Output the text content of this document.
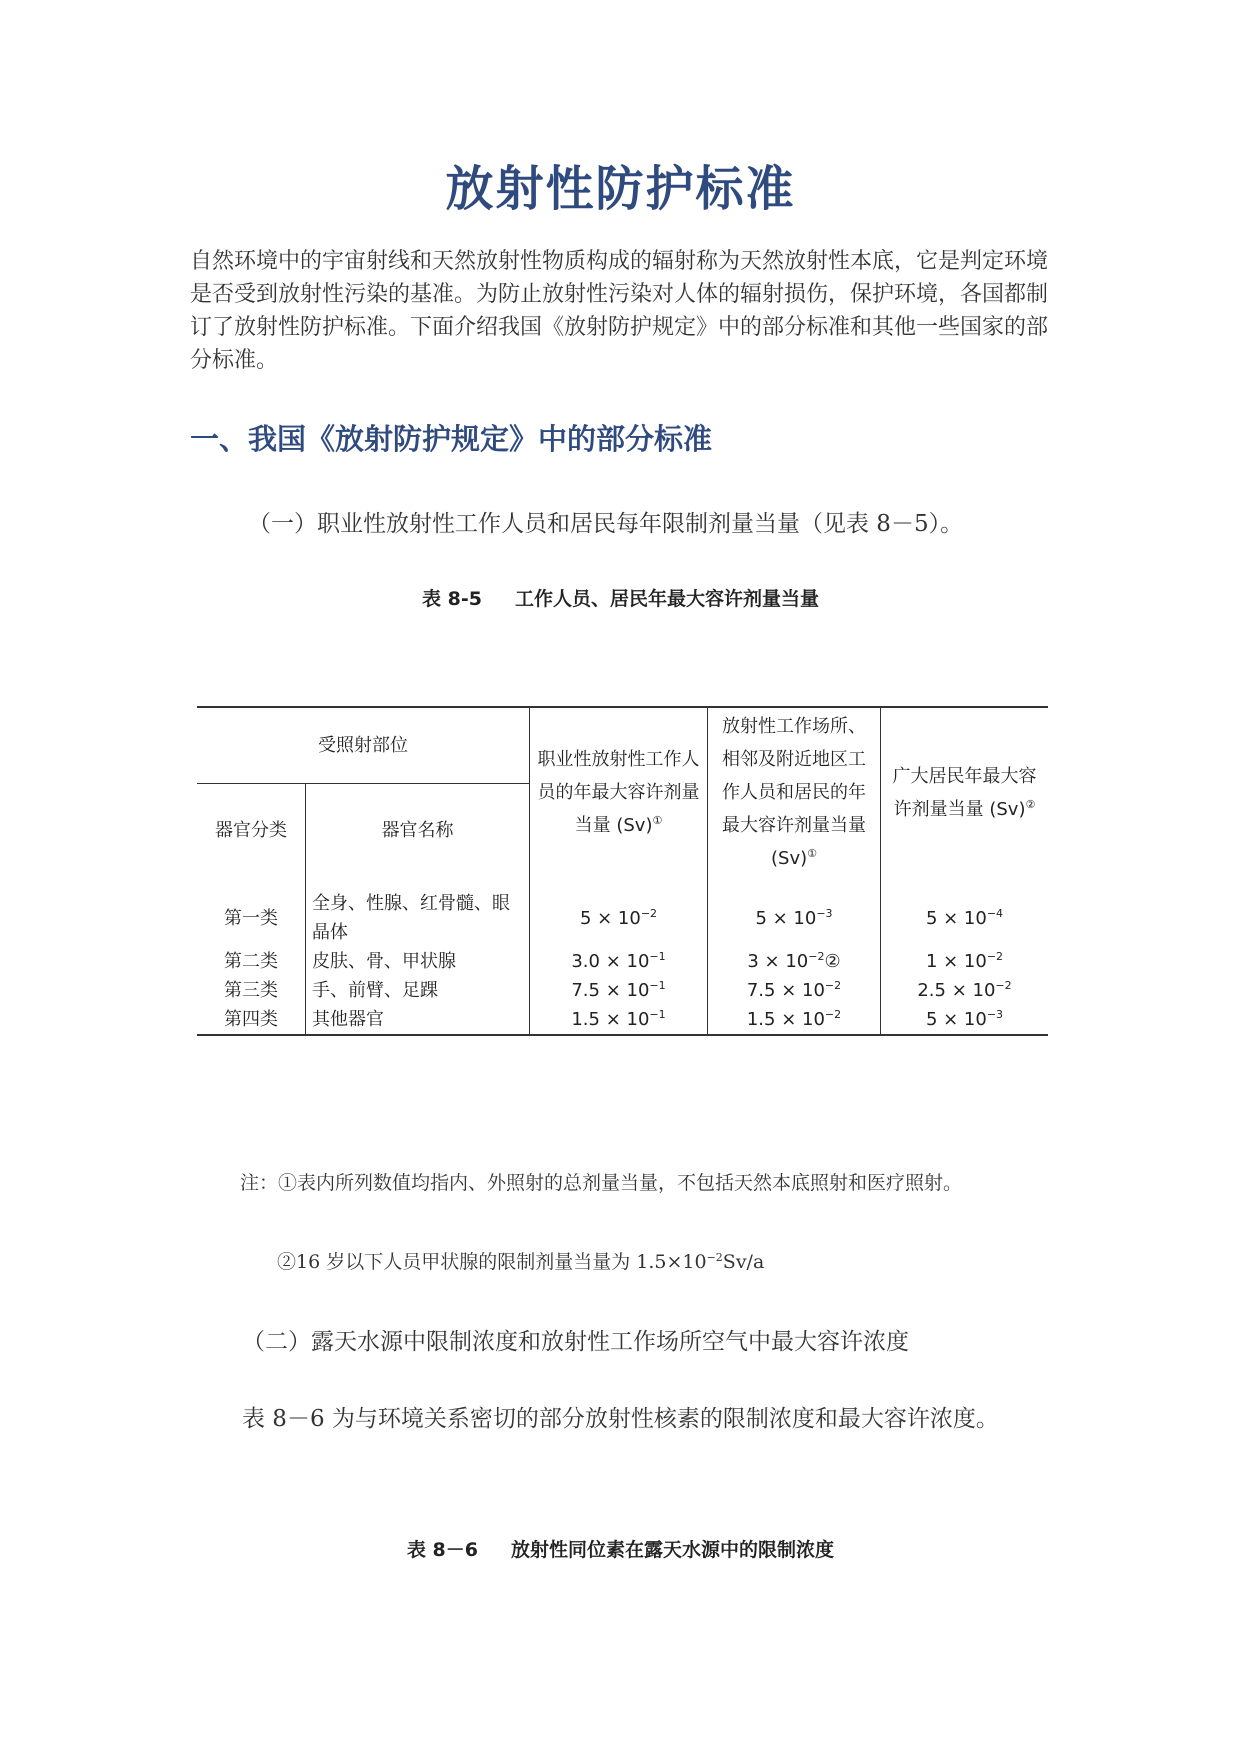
放射性防护标准

自然环境中的宇宙射线和天然放射性物质构成的辐射称为天然放射性本底，它是判定环境是否受到放射性污染的基准。为防止放射性污染对人体的辐射损伤，保护环境，各国都制订了放射性防护标准。下面介绍我国《放射防护规定》中的部分标准和其他一些国家的部分标准。

一、我国《放射防护规定》中的部分标准

（一）职业性放射性工作人员和居民每年限制剂量当量（见表 8－5）。

表 8-5     工作人员、居民年最大容许剂量当量

受照射部位		职业性放射性工作人员的年最大容许剂量当量 (Sv)①	放射性工作场所、相邻及附近地区工作人员和居民的年最大容许剂量当量 (Sv)①	广大居民年最大容许剂量当量 (Sv)②
器官分类	器官名称			
第一类	全身、性腺、红骨髓、眼晶体	$5 \times 10^{-2}$	$5 \times 10^{-3}$	$5 \times 10^{-4}$
第二类	皮肤、骨、甲状腺	$3.0 \times 10^{-1}$	$3 \times 10^{-2}②$	$1 \times 10^{-2}$
第三类	手、前臂、足踝	$7.5 \times 10^{-1}$	$7.5 \times 10^{-2}$	$2.5 \times 10^{-2}$
第四类	其他器官	$1.5 \times 10^{-1}$	$1.5 \times 10^{-2}$	$5 \times 10^{-3}$

注：①表内所列数值均指内、外照射的总剂量当量，不包括天然本底照射和医疗照射。

②16 岁以下人员甲状腺的限制剂量当量为 $1.5\times 10^{-2}Sv/a$

（二）露天水源中限制浓度和放射性工作场所空气中最大容许浓度

表 8－6 为与环境关系密切的部分放射性核素的限制浓度和最大容许浓度。

表 8－6     放射性同位素在露天水源中的限制浓度
